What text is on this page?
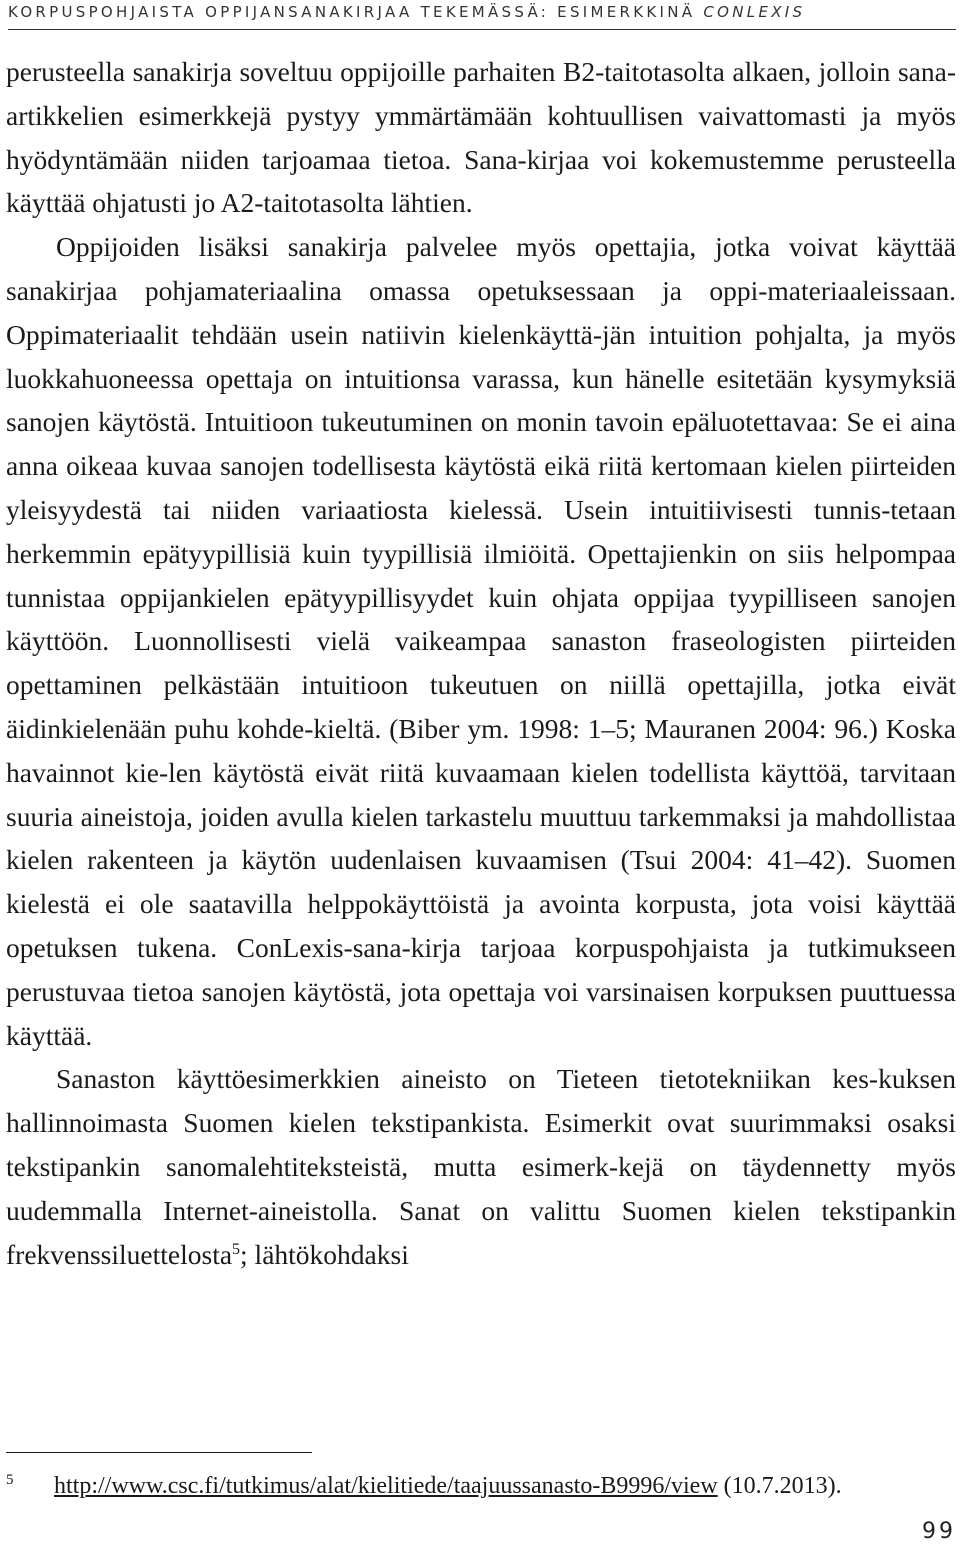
KORPUSPOHJAISTA OPPIJANSANAKIRJAA TEKEMÄSSÄ: ESIMERKKINÄ CONLEXIS

perusteella sanakirja soveltuu oppijoille parhaiten B2-taitotasolta alkaen, jolloin sana-artikkelien esimerkkejä pystyy ymmärtämään kohtuullisen vaivattomasti ja myös hyödyntämään niiden tarjoamaa tietoa. Sana-kirjaa voi kokemustemme perusteella käyttää ohjatusti jo A2-taitotasolta lähtien.

Oppijoiden lisäksi sanakirja palvelee myös opettajia, jotka voivat käyttää sanakirjaa pohjamateriaalina omassa opetuksessaan ja oppi-materiaaleissaan. Oppimateriaalit tehdään usein natiivin kielenkäyttä-jän intuition pohjalta, ja myös luokkahuoneessa opettaja on intuitionsa varassa, kun hänelle esitetään kysymyksiä sanojen käytöstä. Intuitioon tukeutuminen on monin tavoin epäluotettavaa: Se ei aina anna oikeaa kuvaa sanojen todellisesta käytöstä eikä riitä kertomaan kielen piirteiden yleisyydestä tai niiden variaatiosta kielessä. Usein intuitiivisesti tunnis-tetaan herkemmin epätyypillisiä kuin tyypillisiä ilmiöitä. Opettajienkin on siis helpompaa tunnistaa oppijankielen epätyypillisyydet kuin ohjata oppijaa tyypilliseen sanojen käyttöön. Luonnollisesti vielä vaikeampaa sanaston fraseologisten piirteiden opettaminen pelkästään intuitioon tukeutuen on niillä opettajilla, jotka eivät äidinkielenään puhu kohde-kieltä. (Biber ym. 1998: 1–5; Mauranen 2004: 96.) Koska havainnot kie-len käytöstä eivät riitä kuvaamaan kielen todellista käyttöä, tarvitaan suuria aineistoja, joiden avulla kielen tarkastelu muuttuu tarkemmaksi ja mahdollistaa kielen rakenteen ja käytön uudenlaisen kuvaamisen (Tsui 2004: 41–42). Suomen kielestä ei ole saatavilla helppokäyttöistä ja avointa korpusta, jota voisi käyttää opetuksen tukena. ConLexis-sana-kirja tarjoaa korpuspohjaista ja tutkimukseen perustuvaa tietoa sanojen käytöstä, jota opettaja voi varsinaisen korpuksen puuttuessa käyttää.

Sanaston käyttöesimerkkien aineisto on Tieteen tietotekniikan kes-kuksen hallinnoimasta Suomen kielen tekstipankista. Esimerkit ovat suurimmaksi osaksi tekstipankin sanomalehtiteksteistä, mutta esimerk-kejä on täydennetty myös uudemmalla Internet-aineistolla. Sanat on valittu Suomen kielen tekstipankin frekvenssiluettelosta$^5$; lähtökohdaksi

5 http://www.csc.fi/tutkimus/alat/kielitiede/taajuussanasto-B9996/view (10.7.2013).
99
